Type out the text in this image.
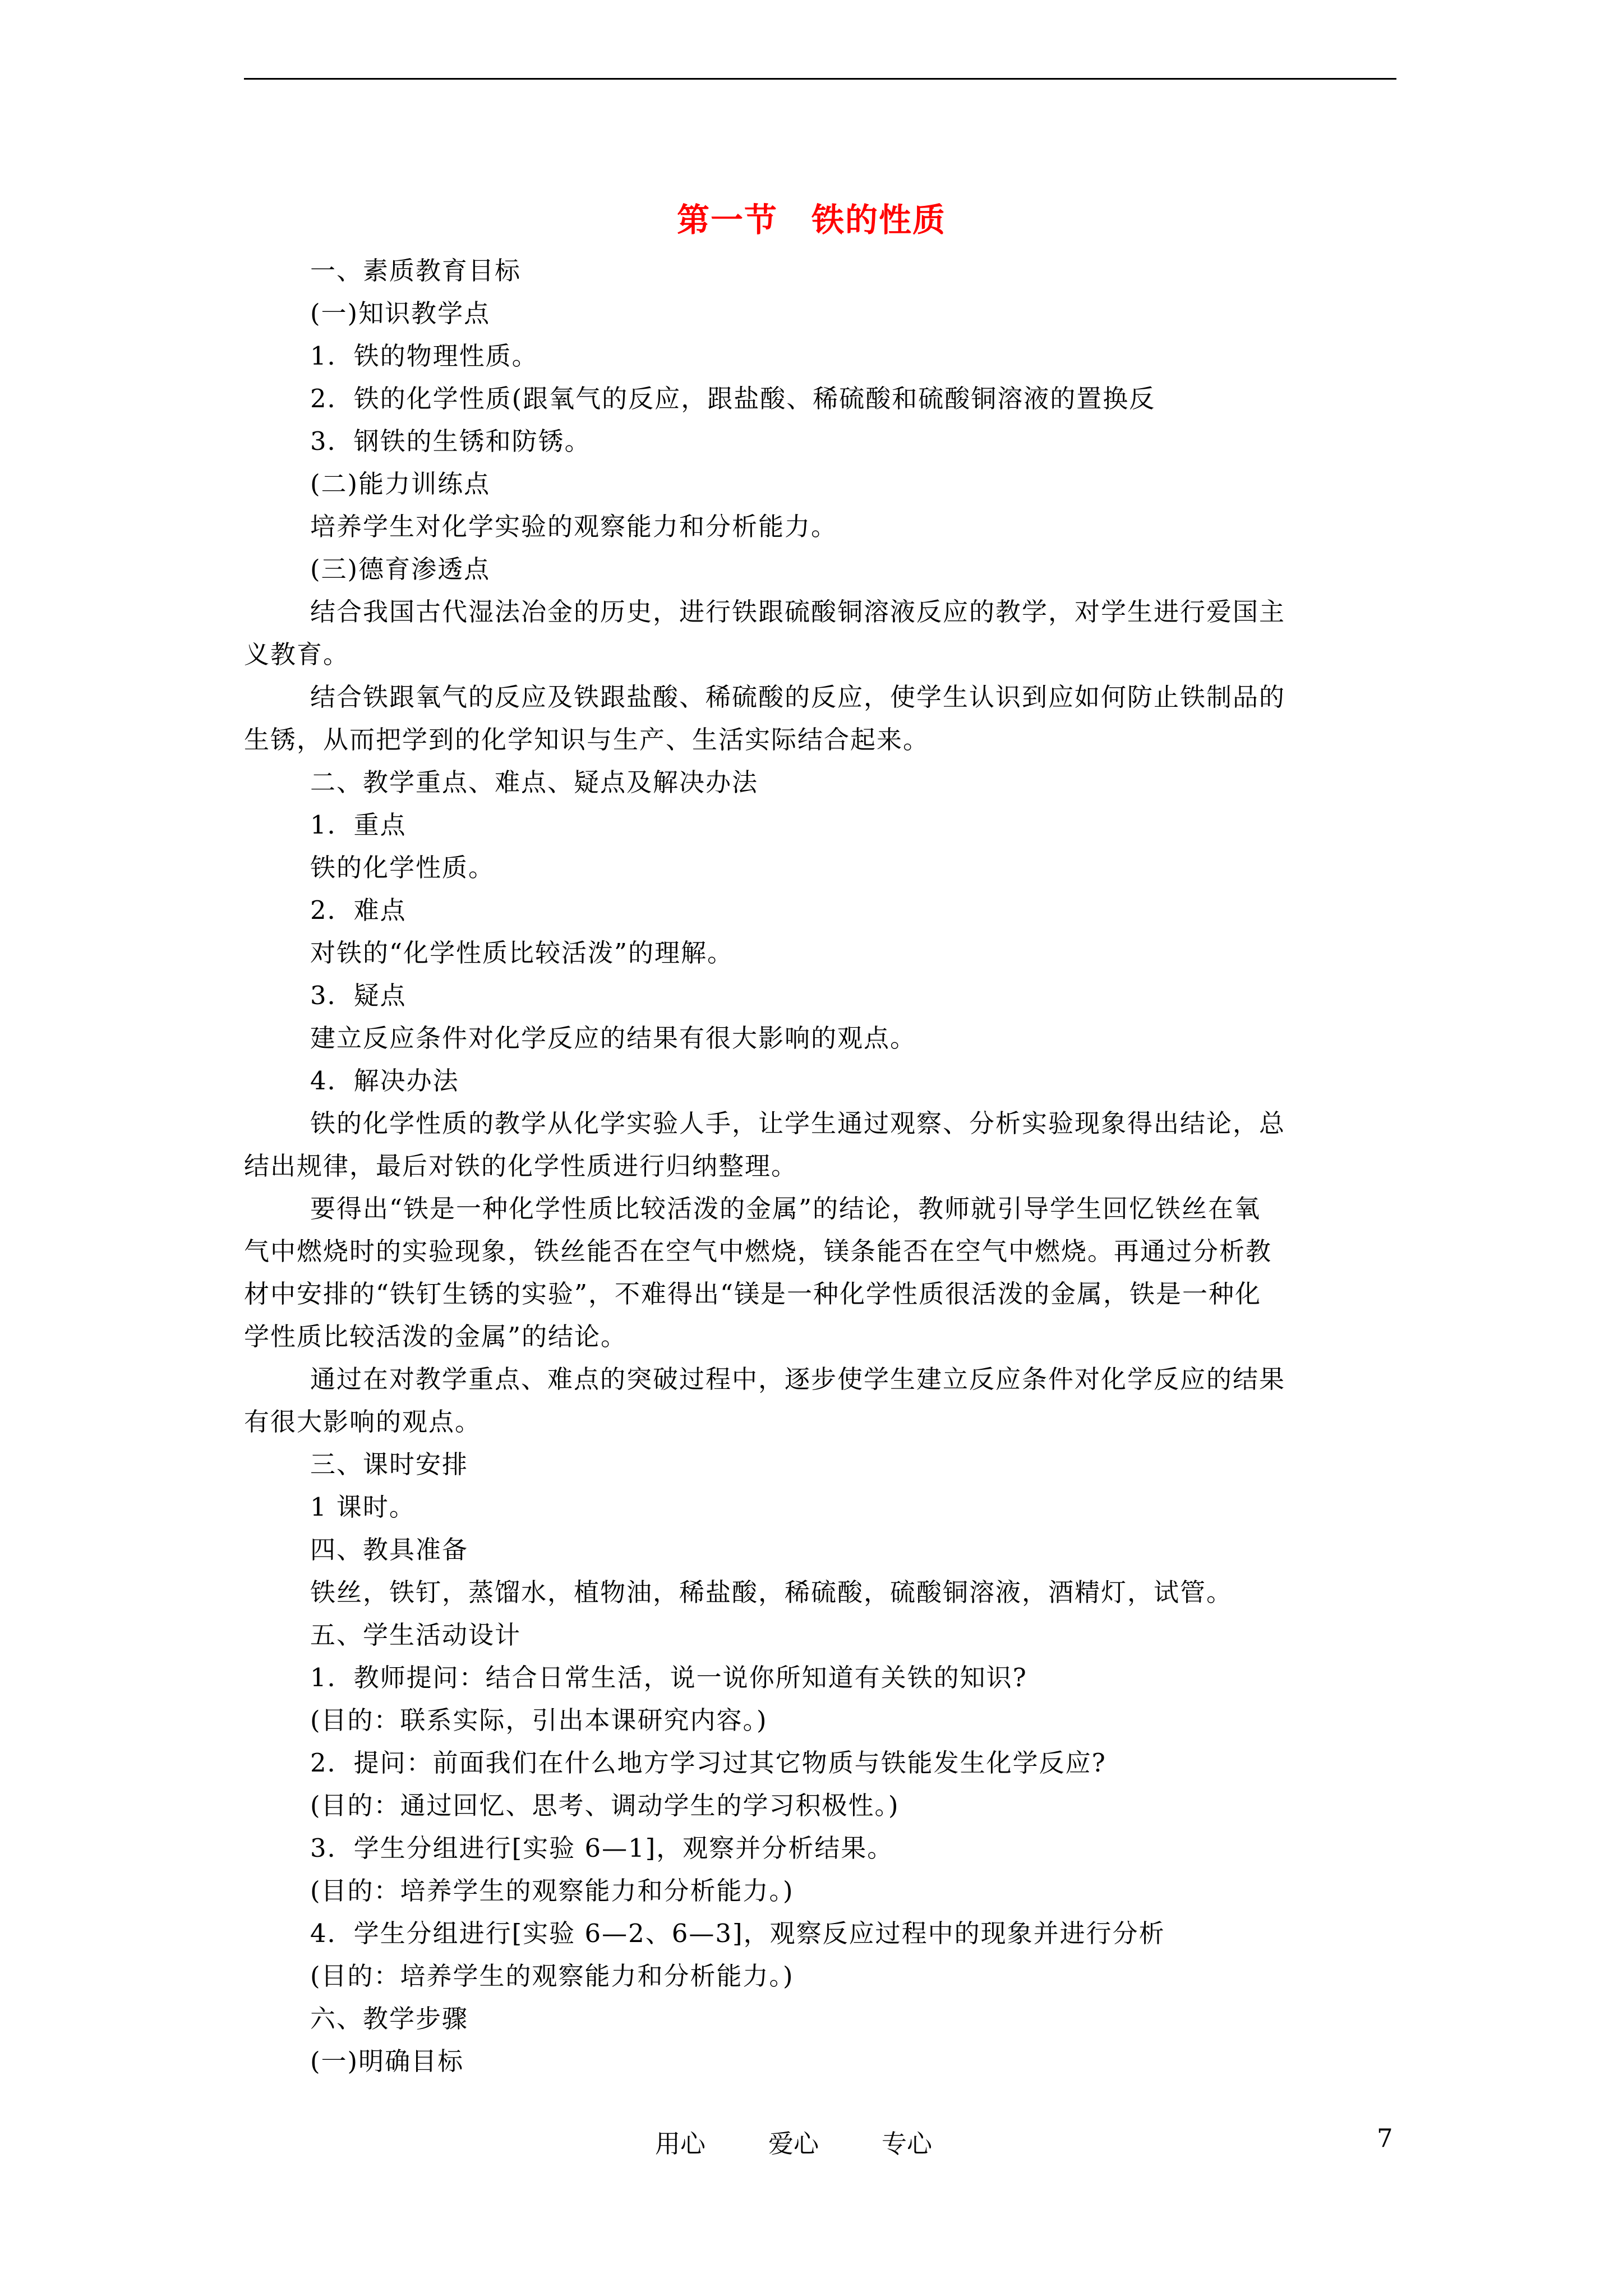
第一节　铁的性质

一、素质教育目标

(一)知识教学点

1．铁的物理性质。

2．铁的化学性质(跟氧气的反应，跟盐酸、稀硫酸和硫酸铜溶液的置换反

3．钢铁的生锈和防锈。

(二)能力训练点

培养学生对化学实验的观察能力和分析能力。

(三)德育渗透点

结合我国古代湿法冶金的历史，进行铁跟硫酸铜溶液反应的教学，对学生进行爱国主

义教育。

结合铁跟氧气的反应及铁跟盐酸、稀硫酸的反应，使学生认识到应如何防止铁制品的

生锈，从而把学到的化学知识与生产、生活实际结合起来。

二、教学重点、难点、疑点及解决办法

1．重点

铁的化学性质。

2．难点

对铁的“化学性质比较活泼”的理解。

3．疑点

建立反应条件对化学反应的结果有很大影响的观点。

4．解决办法

铁的化学性质的教学从化学实验人手，让学生通过观察、分析实验现象得出结论，总

结出规律，最后对铁的化学性质进行归纳整理。

要得出“铁是一种化学性质比较活泼的金属”的结论，教师就引导学生回忆铁丝在氧

气中燃烧时的实验现象，铁丝能否在空气中燃烧，镁条能否在空气中燃烧。再通过分析教

材中安排的“铁钉生锈的实验”，不难得出“镁是一种化学性质很活泼的金属，铁是一种化

学性质比较活泼的金属”的结论。

通过在对教学重点、难点的突破过程中，逐步使学生建立反应条件对化学反应的结果

有很大影响的观点。

三、课时安排

1 课时。

四、教具准备

铁丝，铁钉，蒸馏水，植物油，稀盐酸，稀硫酸，硫酸铜溶液，酒精灯，试管。

五、学生活动设计

1．教师提问：结合日常生活，说一说你所知道有关铁的知识?

(目的：联系实际，引出本课研究内容。)

2．提问：前面我们在什么地方学习过其它物质与铁能发生化学反应?

(目的：通过回忆、思考、调动学生的学习积极性。)

3．学生分组进行[实验 6—1]，观察并分析结果。

(目的：培养学生的观察能力和分析能力。)

4．学生分组进行[实验 6—2、6—3]，观察反应过程中的现象并进行分析

(目的：培养学生的观察能力和分析能力。)

六、教学步骤

(一)明确目标

用心 爱心 专心	7
